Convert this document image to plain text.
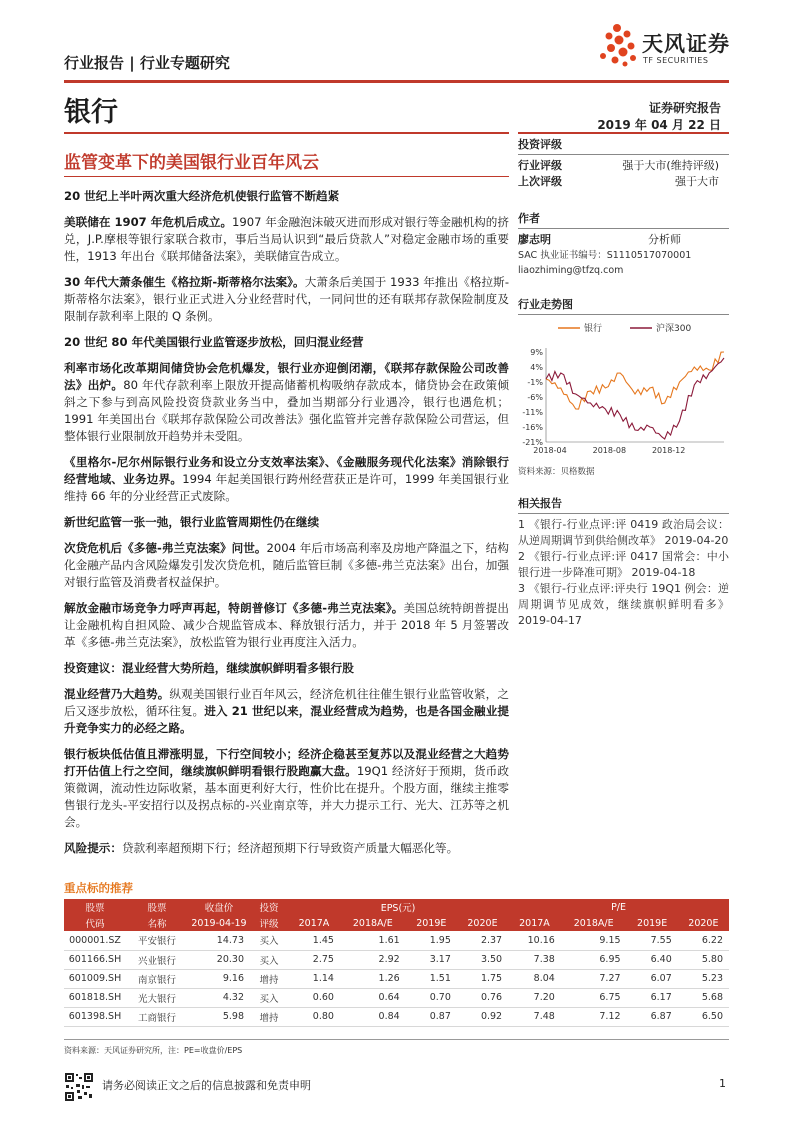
行业报告 | 行业专题研究
天风证券
TF SECURITIES
银行	证券研究报告
2019 年 04 月 22 日
监管变革下的美国银行业百年风云
20 世纪上半叶两次重大经济危机使银行监管不断趋紧
美联储在 1907 年危机后成立。1907 年金融泡沫破灭进而形成对银行等金融机构的挤兑，J.P.摩根等银行家联合救市，事后当局认识到“最后贷款人”对稳定金融市场的重要性，1913 年出台《联邦储备法案》，美联储宣告成立。
30 年代大萧条催生《格拉斯-斯蒂格尔法案》。大萧条后美国于 1933 年推出《格拉斯-斯蒂格尔法案》，银行业正式进入分业经营时代，一同问世的还有联邦存款保险制度及限制存款利率上限的 Q 条例。
20 世纪 80 年代美国银行业监管逐步放松，回归混业经营
利率市场化改革期间储贷协会危机爆发，银行业亦迎倒闭潮，《联邦存款保险公司改善法》出炉。80 年代存款利率上限放开提高储蓄机构吸纳存款成本，储贷协会在政策倾斜之下参与到高风险投资贷款业务当中，叠加当期部分行业遇冷，银行也遇危机；1991 年美国出台《联邦存款保险公司改善法》强化监管并完善存款保险公司营运，但整体银行业限制放开趋势并未受阻。
《里格尔-尼尔州际银行业务和设立分支效率法案》、《金融服务现代化法案》消除银行经营地域、业务边界。1994 年起美国银行跨州经营获正是许可，1999 年美国银行业维持 66 年的分业经营正式废除。
新世纪监管一张一弛，银行业监管周期性仍在继续
次贷危机后《多德-弗兰克法案》问世。2004 年后市场高利率及房地产降温之下，结构化金融产品内含风险爆发引发次贷危机，随后监管巨制《多德-弗兰克法案》出台，加强对银行监管及消费者权益保护。
解放金融市场竞争力呼声再起，特朗普修订《多德-弗兰克法案》。美国总统特朗普提出让金融机构自担风险、减少合规监管成本、释放银行活力，并于 2018 年 5 月签署改革《多德-弗兰克法案》，放松监管为银行业再度注入活力。
投资建议：混业经营大势所趋，继续旗帜鲜明看多银行股
混业经营乃大趋势。纵观美国银行业百年风云，经济危机往往催生银行业监管收紧，之后又逐步放松，循环往复。进入 21 世纪以来，混业经营成为趋势，也是各国金融业提升竞争实力的必经之路。
银行板块低估值且滞涨明显，下行空间较小；经济企稳甚至复苏以及混业经营之大趋势打开估值上行之空间，继续旗帜鲜明看银行股跑赢大盘。19Q1 经济好于预期，货币政策微调，流动性边际收紧，基本面更利好大行，性价比在提升。个股方面，继续主推零售银行龙头-平安招行以及拐点标的-兴业南京等，并大力提示工行、光大、江苏等之机会。
风险提示：贷款利率超预期下行；经济超预期下行导致资产质量大幅恶化等。
投资评级
行业评级	强于大市(维持评级)
上次评级	强于大市
作者
廖志明	分析师
SAC 执业证书编号：S1110517070001
liaozhiming@tfzq.com
行业走势图
银行	沪深300
9%
4%
-1%
-6%
-11%
-16%
-21%
2018-04	2018-08	2018-12
资料来源：贝格数据
相关报告
1 《银行-行业点评:评 0419 政治局会议：从逆周期调节到供给侧改革》 2019-04-20
2 《银行-行业点评:评 0417 国常会：中小银行进一步降准可期》 2019-04-18
3 《银行-行业点评:评央行 19Q1 例会：逆周期调节见成效，继续旗帜鲜明看多》 2019-04-17
重点标的推荐
股票	股票	收盘价	投资	EPS(元)				P/E			
代码	名称	2019-04-19	评级	2017A	2018A/E	2019E	2020E	2017A	2018A/E	2019E	2020E
000001.SZ	平安银行	14.73	买入	1.45	1.61	1.95	2.37	10.16	9.15	7.55	6.22
601166.SH	兴业银行	20.30	买入	2.75	2.92	3.17	3.50	7.38	6.95	6.40	5.80
601009.SH	南京银行	9.16	增持	1.14	1.26	1.51	1.75	8.04	7.27	6.07	5.23
601818.SH	光大银行	4.32	买入	0.60	0.64	0.70	0.76	7.20	6.75	6.17	5.68
601398.SH	工商银行	5.98	增持	0.80	0.84	0.87	0.92	7.48	7.12	6.87	6.50
资料来源：天风证券研究所，注：PE=收盘价/EPS
请务必阅读正文之后的信息披露和免责申明	1
